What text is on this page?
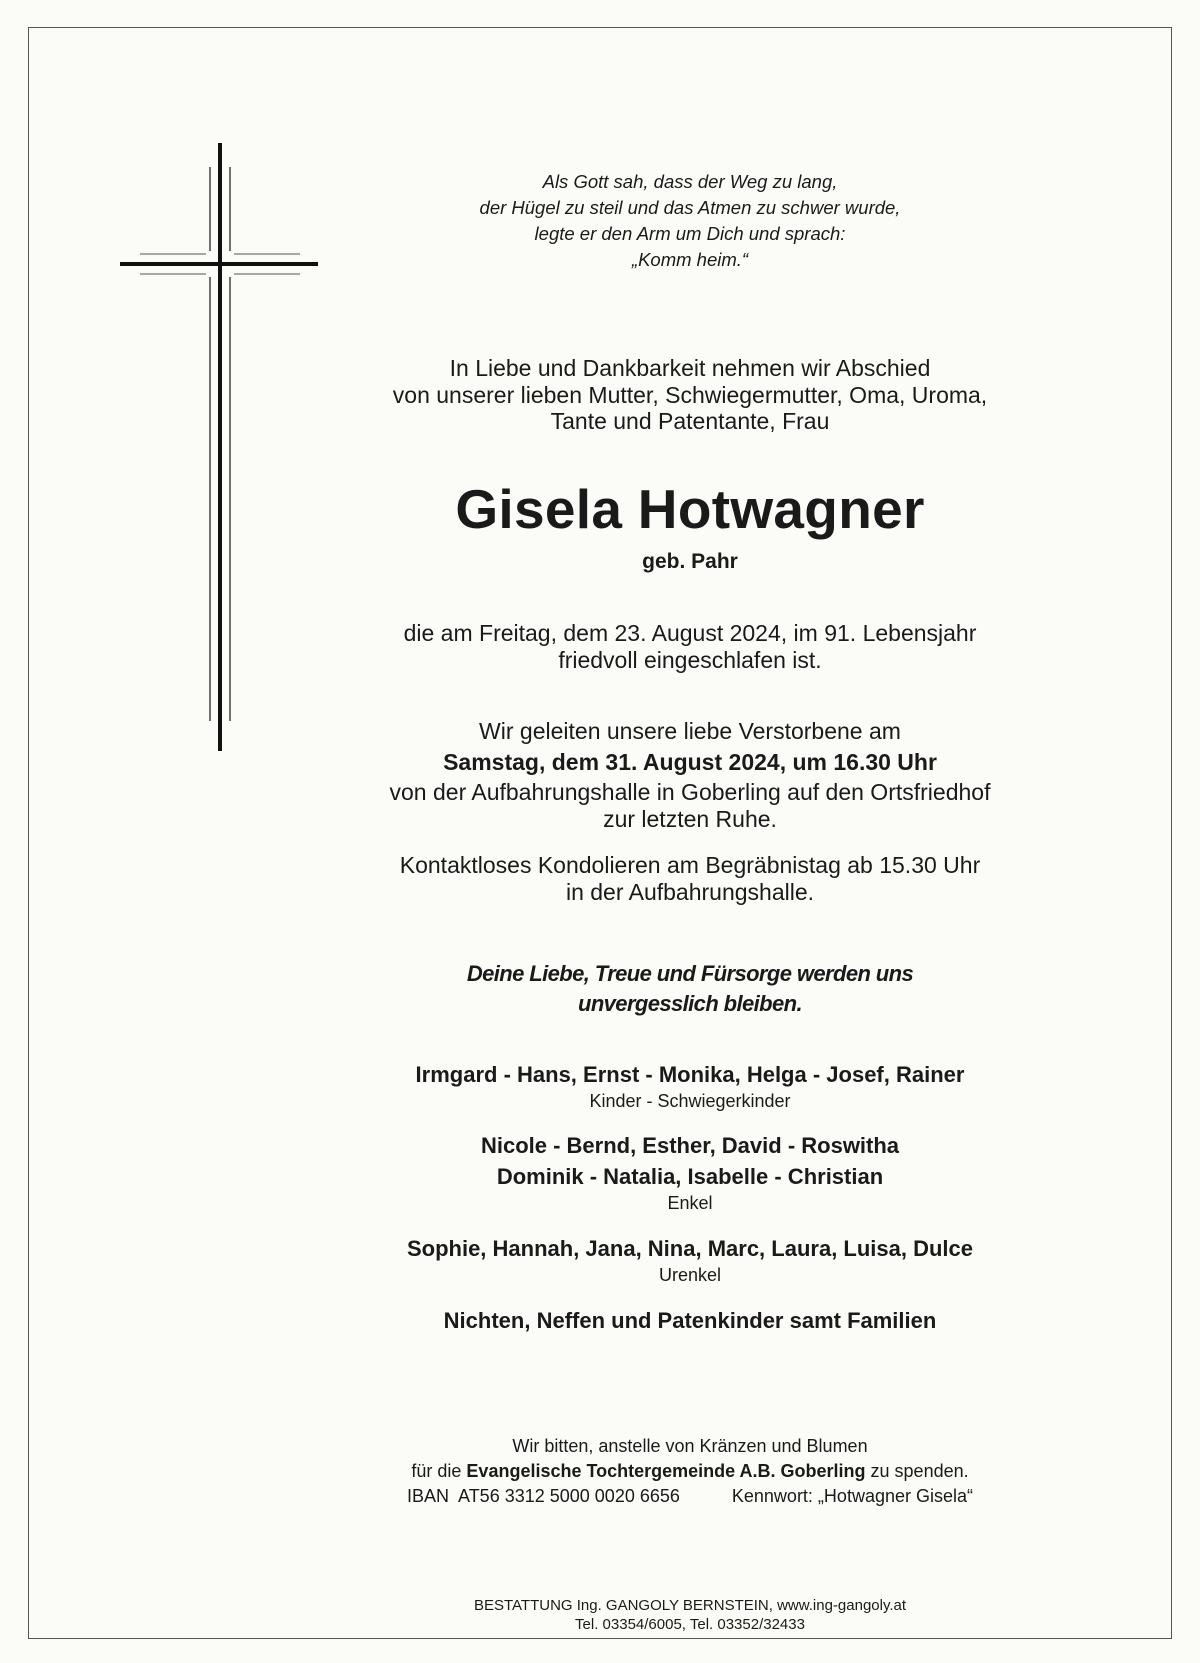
Als Gott sah, dass der Weg zu lang,
der Hügel zu steil und das Atmen zu schwer wurde,
legte er den Arm um Dich und sprach:
„Komm heim.“
In Liebe und Dankbarkeit nehmen wir Abschied
von unserer lieben Mutter, Schwiegermutter, Oma, Uroma,
Tante und Patentante, Frau
Gisela Hotwagner
geb. Pahr
die am Freitag, dem 23. August 2024, im 91. Lebensjahr
friedvoll eingeschlafen ist.
Wir geleiten unsere liebe Verstorbene am
Samstag, dem 31. August 2024, um 16.30 Uhr
von der Aufbahrungshalle in Goberling auf den Ortsfriedhof
zur letzten Ruhe.
Kontaktloses Kondolieren am Begräbnistag ab 15.30 Uhr
in der Aufbahrungshalle.
Deine Liebe, Treue und Fürsorge werden uns
unvergesslich bleiben.
Irmgard - Hans, Ernst - Monika, Helga - Josef, Rainer
Kinder - Schwiegerkinder
Nicole - Bernd, Esther, David - Roswitha
Dominik - Natalia, Isabelle - Christian
Enkel
Sophie, Hannah, Jana, Nina, Marc, Laura, Luisa, Dulce
Urenkel
Nichten, Neffen und Patenkinder samt Familien
Wir bitten, anstelle von Kränzen und Blumen
für die Evangelische Tochtergemeinde A.B. Goberling zu spenden.
IBAN  AT56 3312 5000 0020 6656	Kennwort: „Hotwagner Gisela“
BESTATTUNG Ing. GANGOLY BERNSTEIN, www.ing-gangoly.at
Tel. 03354/6005, Tel. 03352/32433
